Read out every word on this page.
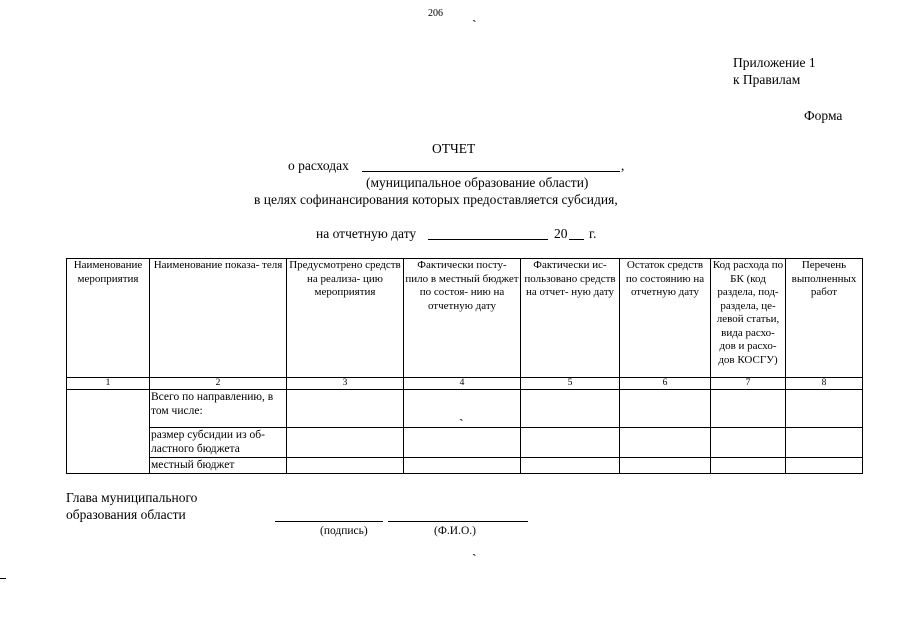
206 ˎ
Приложение 1
к Правилам
Форма
ОТЧЕТ
о расходах	,
(муниципальное образование области)
в целях софинансирования которых предоставляется субсидия,
на отчетную дату	20 г.
Наименование мероприятия	Наименование показа- теля	Предусмотрено средств на реализа- цию мероприятия	Фактически посту- пило в местный бюджет по состоя- нию на отчетную дату	Фактически ис- пользовано средств на отчет- ную дату	Остаток средств по состоянию на отчетную дату	Код расхода по БК (код раздела, под- раздела, це- левой статьи, вида расхо- дов и расхо- дов КОСГУ)	Перечень выполненных работ
1	2	3	4	5	6	7	8
	Всего по направлению, в том числе:		ˎ				
	размер субсидии из об- ластного бюджета						
	местный бюджет						
Глава муниципального
образования области
(подпись)	(Ф.И.О.)
ˎ
